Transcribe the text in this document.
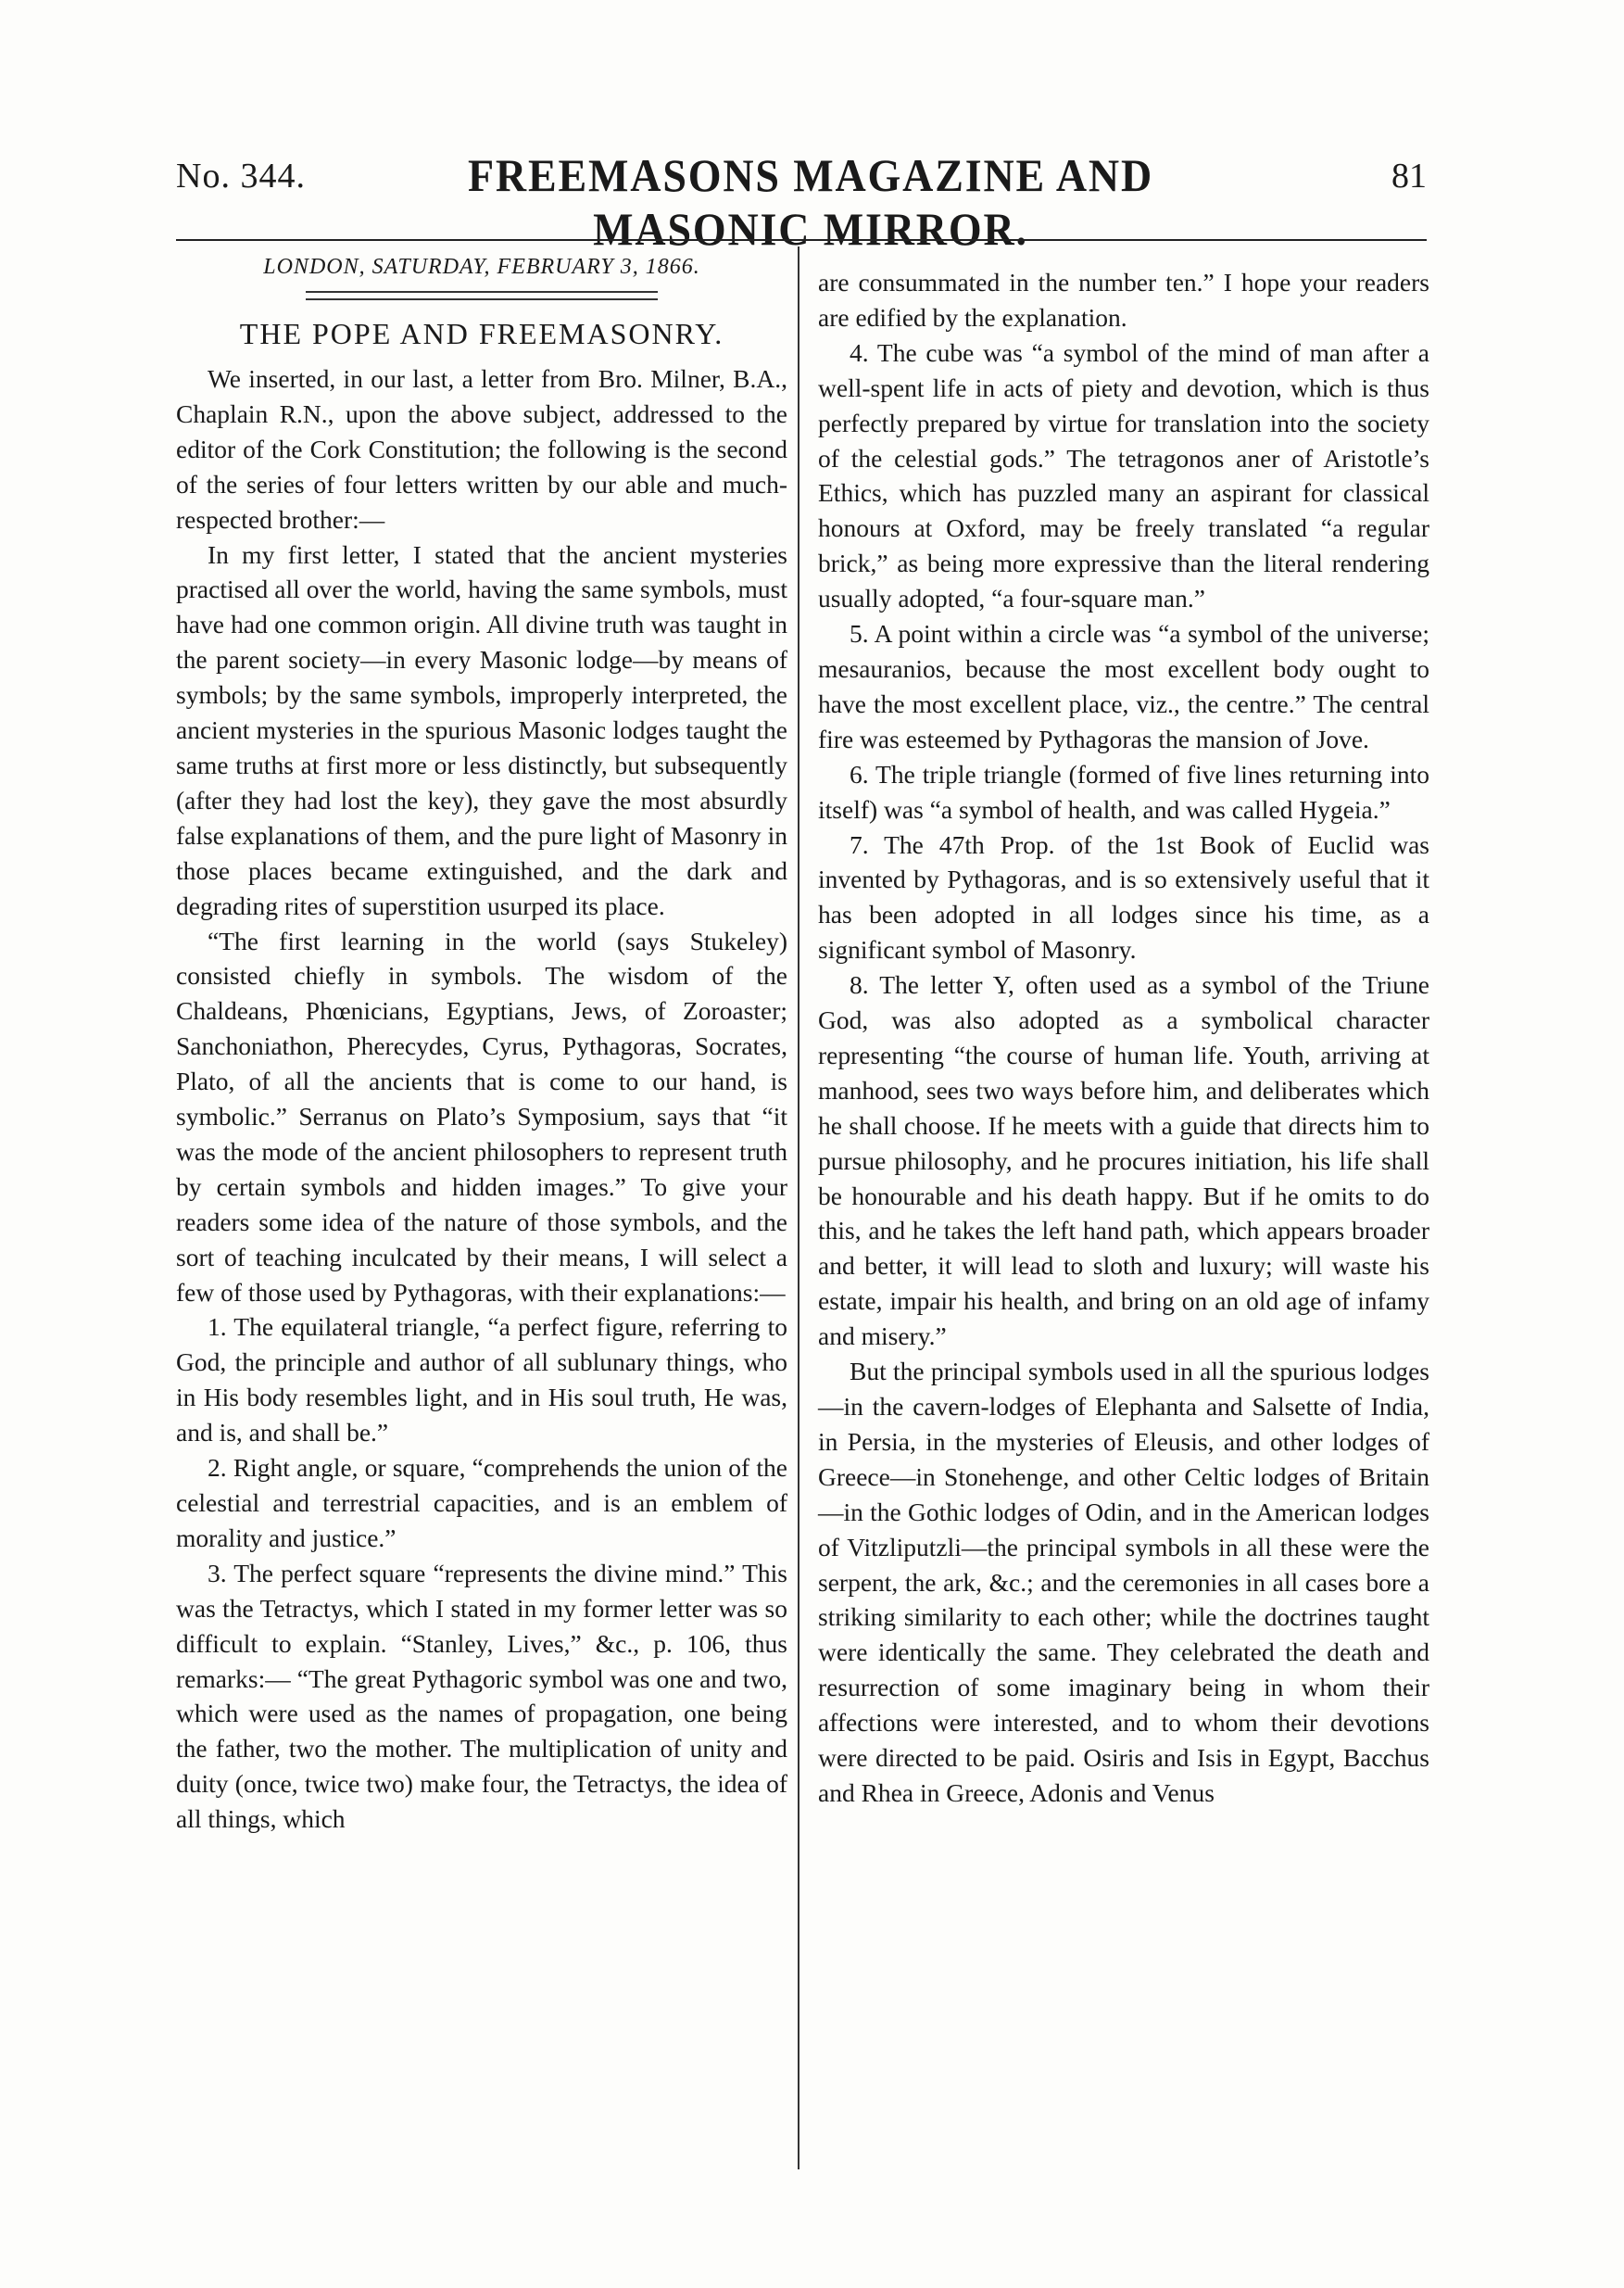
No. 344.	FREEMASONS MAGAZINE AND MASONIC MIRROR.
81
LONDON, SATURDAY, FEBRUARY 3, 1866.
THE POPE AND FREEMASONRY.

We inserted, in our last, a letter from Bro. Milner, B.A., Chaplain R.N., upon the above subject, addressed to the editor of the Cork Constitution; the following is the second of the series of four letters written by our able and much-respected brother:—

In my first letter, I stated that the ancient mysteries practised all over the world, having the same symbols, must have had one common origin. All divine truth was taught in the parent society—in every Masonic lodge—by means of symbols; by the same symbols, improperly interpreted, the ancient mysteries in the spurious Masonic lodges taught the same truths at first more or less distinctly, but subsequently (after they had lost the key), they gave the most absurdly false explanations of them, and the pure light of Masonry in those places became extinguished, and the dark and degrading rites of superstition usurped its place.

“The first learning in the world (says Stukeley) consisted chiefly in symbols. The wisdom of the Chaldeans, Phœnicians, Egyptians, Jews, of Zoroaster; Sanchoniathon, Pherecydes, Cyrus, Pythagoras, Socrates, Plato, of all the ancients that is come to our hand, is symbolic.” Serranus on Plato’s Symposium, says that “it was the mode of the ancient philosophers to represent truth by certain symbols and hidden images.” To give your readers some idea of the nature of those symbols, and the sort of teaching inculcated by their means, I will select a few of those used by Pythagoras, with their explanations:—

1. The equilateral triangle, “a perfect figure, referring to God, the principle and author of all sublunary things, who in His body resembles light, and in His soul truth, He was, and is, and shall be.”

2. Right angle, or square, “comprehends the union of the celestial and terrestrial capacities, and is an emblem of morality and justice.”

3. The perfect square “represents the divine mind.” This was the Tetractys, which I stated in my former letter was so difficult to explain. “Stanley, Lives,” &c., p. 106, thus remarks:— “The great Pythagoric symbol was one and two, which were used as the names of propagation, one being the father, two the mother. The multiplication of unity and duity (once, twice two) make four, the Tetractys, the idea of all things, which

are consummated in the number ten.” I hope your readers are edified by the explanation.

4. The cube was “a symbol of the mind of man after a well-spent life in acts of piety and devotion, which is thus perfectly prepared by virtue for translation into the society of the celestial gods.” The tetragonos aner of Aristotle’s Ethics, which has puzzled many an aspirant for classical honours at Oxford, may be freely translated “a regular brick,” as being more expressive than the literal rendering usually adopted, “a four-square man.”

5. A point within a circle was “a symbol of the universe; mesauranios, because the most excellent body ought to have the most excellent place, viz., the centre.” The central fire was esteemed by Pythagoras the mansion of Jove.

6. The triple triangle (formed of five lines returning into itself) was “a symbol of health, and was called Hygeia.”

7. The 47th Prop. of the 1st Book of Euclid was invented by Pythagoras, and is so extensively useful that it has been adopted in all lodges since his time, as a significant symbol of Masonry.

8. The letter Y, often used as a symbol of the Triune God, was also adopted as a symbolical character representing “the course of human life. Youth, arriving at manhood, sees two ways before him, and deliberates which he shall choose. If he meets with a guide that directs him to pursue philosophy, and he procures initiation, his life shall be honourable and his death happy. But if he omits to do this, and he takes the left hand path, which appears broader and better, it will lead to sloth and luxury; will waste his estate, impair his health, and bring on an old age of infamy and misery.”

But the principal symbols used in all the spurious lodges—in the cavern-lodges of Elephanta and Salsette of India, in Persia, in the mysteries of Eleusis, and other lodges of Greece—in Stonehenge, and other Celtic lodges of Britain—in the Gothic lodges of Odin, and in the American lodges of Vitzliputzli—the principal symbols in all these were the serpent, the ark, &c.; and the ceremonies in all cases bore a striking similarity to each other; while the doctrines taught were identically the same. They celebrated the death and resurrection of some imaginary being in whom their affections were interested, and to whom their devotions were directed to be paid. Osiris and Isis in Egypt, Bacchus and Rhea in Greece, Adonis and Venus
